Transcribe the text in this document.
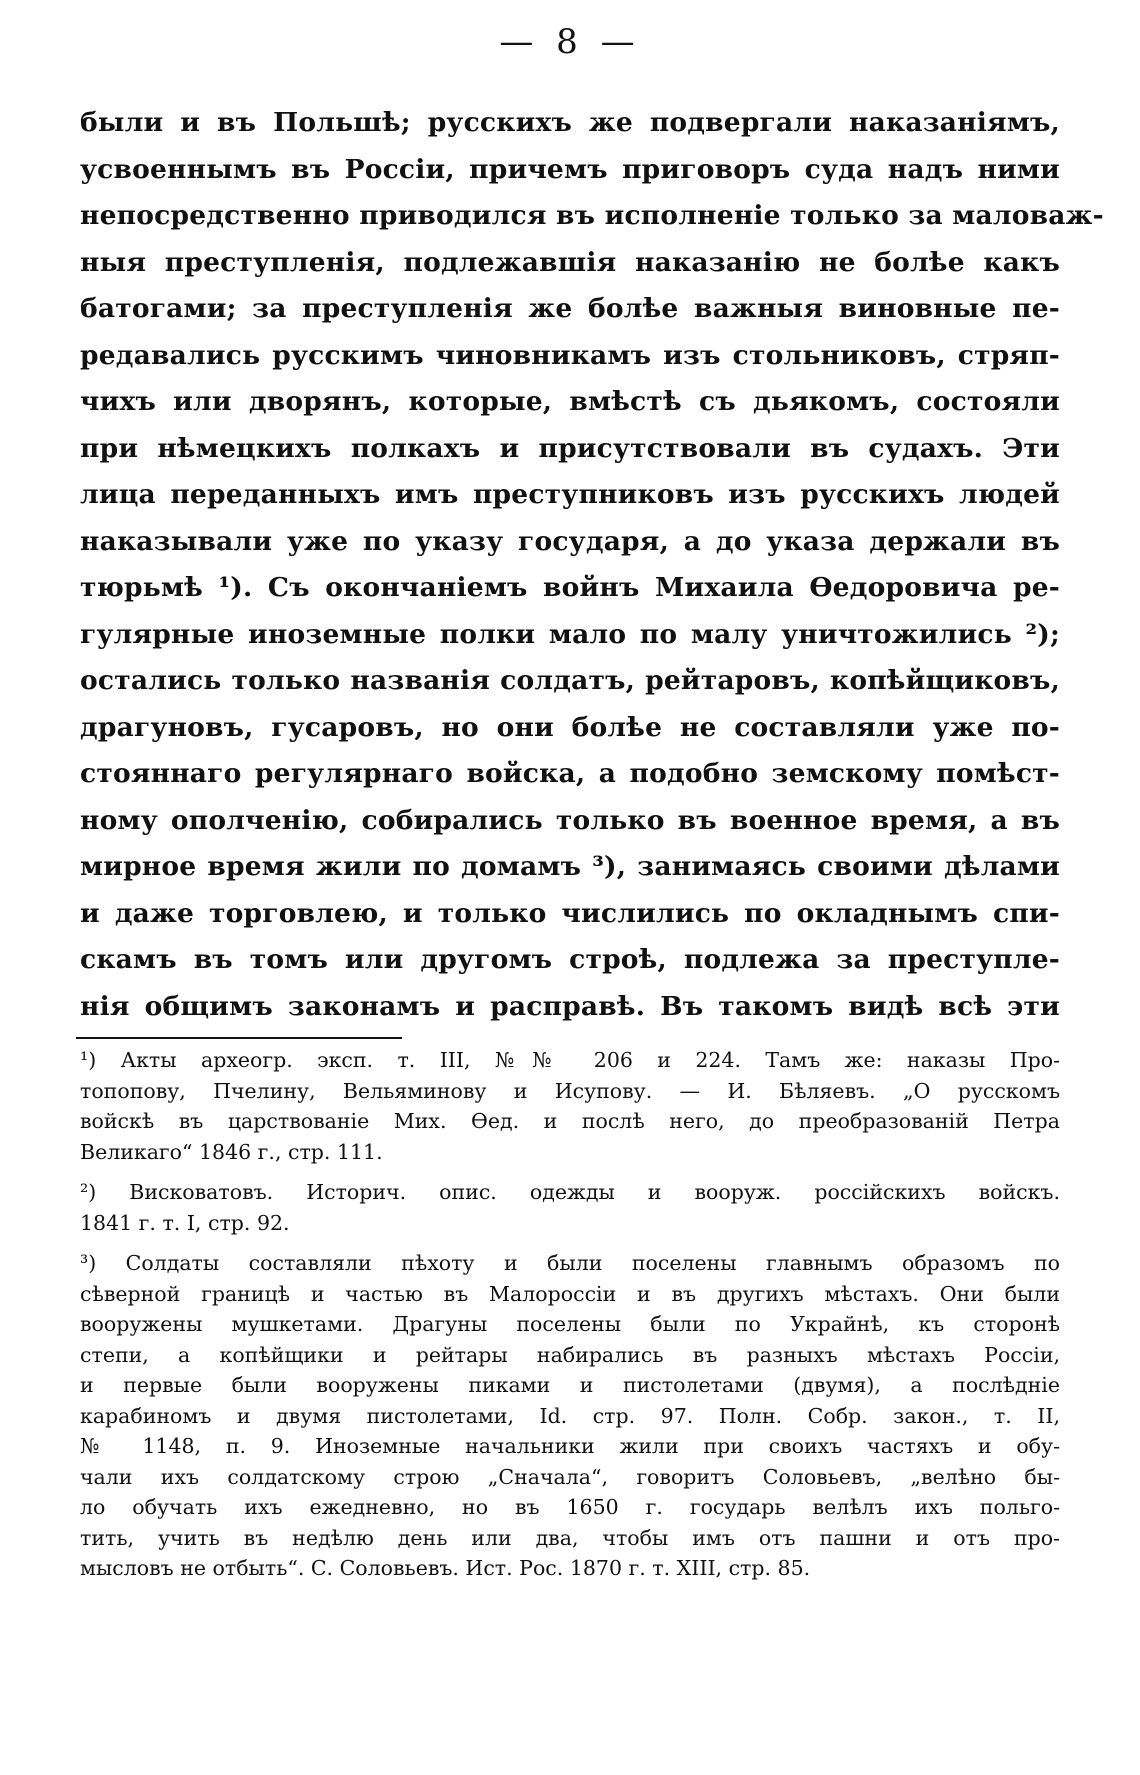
— 8 —
были и въ Польшѣ; русскихъ же подвергали наказаніямъ,
усвоеннымъ въ Россіи, причемъ приговоръ суда надъ ними
непосредственно приводился въ исполненіе только за маловаж-
ныя преступленія, подлежавшія наказанію не болѣе какъ
батогами; за преступленія же болѣе важныя виновные пе-
редавались русскимъ чиновникамъ изъ стольниковъ, стряп-
чихъ или дворянъ, которые, вмѣстѣ съ дьякомъ, состояли
при нѣмецкихъ полкахъ и присутствовали въ судахъ. Эти
лица переданныхъ имъ преступниковъ изъ русскихъ людей
наказывали уже по указу государя, а до указа держали въ
тюрьмѣ ¹). Съ окончаніемъ войнъ Михаила Ѳедоровича ре-
гулярные иноземные полки мало по малу уничтожились ²);
остались только названія солдатъ, рейтаровъ, копѣйщиковъ,
драгуновъ, гусаровъ, но они болѣе не составляли уже по-
стояннаго регулярнаго войска, а подобно земскому помѣст-
ному ополченію, собирались только въ военное время, а въ
мирное время жили по домамъ ³), занимаясь своими дѣлами
и даже торговлею, и только числились по окладнымъ спи-
скамъ въ томъ или другомъ строѣ, подлежа за преступле-
нія общимъ законамъ и расправѣ. Въ такомъ видѣ всѣ эти
¹) Акты археогр. эксп. т. III, №№ 206 и 224. Тамъ же: наказы Про-
топопову, Пчелину, Вельяминову и Исупову. — И. Бѣляевъ. „О русскомъ
войскѣ въ царствованіе Мих. Ѳед. и послѣ него, до преобразованій Петра
Великаго“ 1846 г., стр. 111.
²) Висковатовъ. Историч. опис. одежды и вооруж. россійскихъ войскъ.
1841 г. т. I, стр. 92.
³) Солдаты составляли пѣхоту и были поселены главнымъ образомъ по
сѣверной границѣ и частью въ Малороссіи и въ другихъ мѣстахъ. Они были
вооружены мушкетами. Драгуны поселены были по Украйнѣ, къ сторонѣ
степи, а копѣйщики и рейтары набирались въ разныхъ мѣстахъ Россіи,
и первые были вооружены пиками и пистолетами (двумя), а послѣдніе
карабиномъ и двумя пистолетами, Id. стр. 97. Полн. Собр. закон., т. II,
№ 1148, п. 9. Иноземные начальники жили при своихъ частяхъ и обу-
чали ихъ солдатскому строю „Сначала“, говоритъ Соловьевъ, „велѣно бы-
ло обучать ихъ ежедневно, но въ 1650 г. государь велѣлъ ихъ польго-
тить, учить въ недѣлю день или два, чтобы имъ отъ пашни и отъ про-
мысловъ не отбыть“. С. Соловьевъ. Ист. Рос. 1870 г. т. XIII, стр. 85.
